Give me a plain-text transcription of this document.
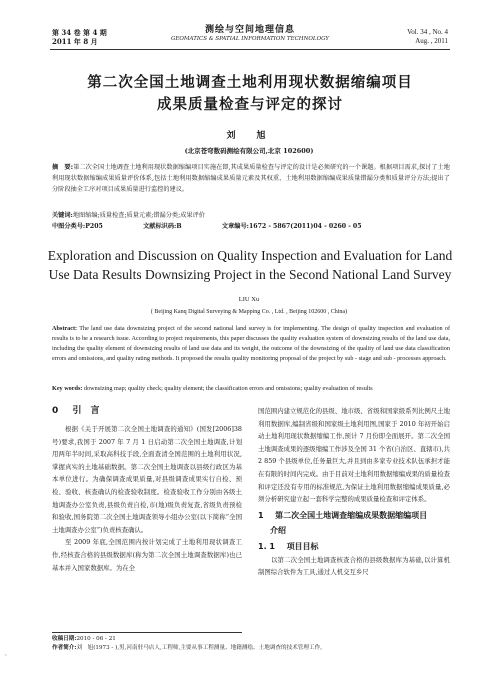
第 34 卷 第 4 期
2011 年 8 月
测绘与空间地理信息
GEOMATICS & SPATIAL INFORMATION TECHNOLOGY
Vol. 34 , No. 4
Aug. , 2011
第二次全国土地调查土地利用现状数据缩编项目
成果质量检查与评定的探讨
刘　旭
(北京苍穹数码测绘有限公司,北京 102600)
摘　要:第二次全国土地调查土地利用现状数据缩编项目实施在即,其成果质量检查与评定的设计是必须研究的一个课题。根据项目需求,探讨了土地利用现状数据缩编成果质量评价体系,包括土地利用数据缩编成果质量元素及其权重、土地利用数据缩编成果质量错漏分类和质量评分方法;提出了分阶段抽全工序对项目成果质量进行监控的建议。
关键词:地图缩编;质量检查;质量元素;错漏分类;成果评价
中图分类号:P205	文献标识码:B	文章编号:1672 - 5867(2011)04 - 0260 - 05
Exploration and Discussion on Quality Inspection and Evaluation for Land
Use Data Results Downsizing Project in the Second National Land Survey
LIU Xu
( Beijing Kanq Digital Surveying & Mapping Co. , Ltd. , Beijing 102600 , China)
Abstract: The land use data downsizing project of the second national land survey is for implementing. The design of quality inspection and evaluation of results is to be a research issue. According to project requirements, this paper discusses the quality evaluation system of downsizing results of the land use data, including the quality element of downsizing results of land use data and its weight, the outcome of the downsizing of the quality of land use data classification errors and omissions, and quality rating methods. It proposed the results quality monitoring proposal of the project by sub - stage and sub - processes approach.
Key words: downsizing map; quality check; quality element; the classification errors and omissions; quality evaluation of results
0 引　言

根据《关于开展第二次全国土地调查的通知》(国发[2006]38 号)要求,我国于 2007 年 7 月 1 日启动第二次全国土地调查,计划用两年半时间,采取高科技手段,全面查清全国范围的土地利用状况,掌握真实的土地基础数据。第二次全国土地调查以县级行政区为基本单位进行。为确保调查成果质量,对县级调查成果实行自检、预检、验收、核查确认的检查验收制度。检查验收工作分别由各级土地调查办公室负责,县级负责自检,市(地)级负责复查,省级负责预检和验收,国务院第二次全国土地调查领导小组办公室(以下简称“全国土地调查办公室”)负责核查确认。

至 2009 年底,全国范围内按计划完成了土地利用现状调查工作,经核查合格的县级数据库(称为第二次全国土地调查数据库)也已基本并入国家数据库。为在全

国范围内建立规范化的县级、地市级、省级和国家级系列比例尺土地利用数据库,编制省级和国家级土地利用图,国家于 2010 年初开始启动土地利用现状数据缩编工作,预计 7 月份即全面展开。第二次全国土地调查成果的逐级缩编工作涉及全国 31 个省(自治区、直辖市),共 2 859 个县级单位,任务量巨大,并且到由多家专业技术队伍承担才能在有限的时间内完成。由于目前对土地利用数据缩编成果的质量检查和评定还没有专用的标准规范,为保证土地利用数据缩编成果质量,必须分析研究建立起一套科学完整的成果质量检查和评定体系。

1 第二次全国土地调查缩编成果数据缩编项目
介绍
1. 1 项目目标

以第二次全国土地调查核查合格的县级数据库为基础,以计算机制图综合软件为工具,通过人机交互乡尺

收稿日期:2010 - 06 - 21
作者简介:刘　旭(1973 - ),男,河南驻马店人,工程师,主要从事工程测量、地籍测绘、土地调查的技术管理工作。
◦
